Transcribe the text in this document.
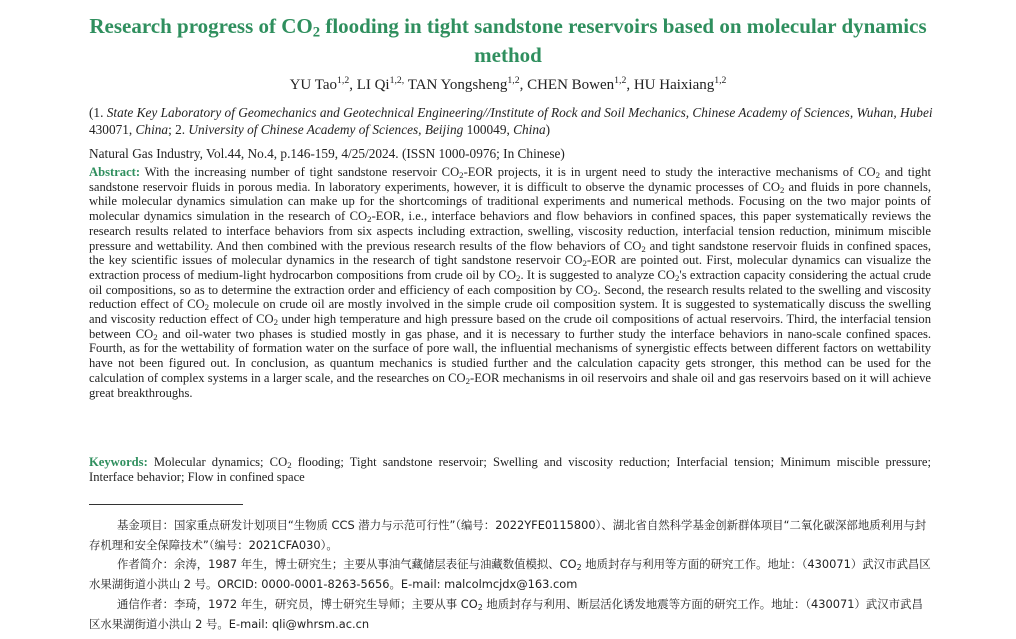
Research progress of $CO_2$ flooding in tight sandstone reservoirs based on molecular dynamics method
YU Tao$^{1,2}$, LI $Qi^{1,2,}$ TAN Yongsheng$^{1,2}$, CHEN Bowen$^{1,2}$, HU Haixiang$^{1,2}$
(1. State Key Laboratory of Geomechanics and Geotechnical Engineering//Institute of Rock and Soil Mechanics, Chinese Academy of Sciences, Wuhan, Hubei 430071, China; 2. University of Chinese Academy of Sciences, Beijing 100049, China)
Natural Gas Industry, Vol.44, No.4, p.146-159, 4/25/2024. (ISSN 1000-0976; In Chinese)
Abstract: With the increasing number of tight sandstone reservoir $CO_2$-EOR projects, it is in urgent need to study the interactive mechanisms of $CO_2$ and tight sandstone reservoir fluids in porous media. In laboratory experiments, however, it is difficult to observe the dynamic processes of $CO_2$ and fluids in pore channels, while molecular dynamics simulation can make up for the shortcomings of traditional experiments and numerical methods. Focusing on the two major points of molecular dynamics simulation in the research of $CO_2$-EOR, i.e., interface behaviors and flow behaviors in confined spaces, this paper systematically reviews the research results related to interface behaviors from six aspects including extraction, swelling, viscosity reduction, interfacial tension reduction, minimum miscible pressure and wettability. And then combined with the previous research results of the flow behaviors of $CO_2$ and tight sandstone reservoir fluids in confined spaces, the key scientific issues of molecular dynamics in the research of tight sandstone reservoir $CO_2$-EOR are pointed out. First, molecular dynamics can visualize the extraction process of medium-light hydrocarbon compositions from crude oil by $CO_2$. It is suggested to analyze $CO_2's$ extraction capacity considering the actual crude oil compositions, so as to determine the extraction order and efficiency of each composition by $CO_2$. Second, the research results related to the swelling and viscosity reduction effect of $CO_2$ molecule on crude oil are mostly involved in the simple crude oil composition system. It is suggested to systematically discuss the swelling and viscosity reduction effect of $CO_2$ under high temperature and high pressure based on the crude oil compositions of actual reservoirs. Third, the interfacial tension between $CO_2$ and oil-water two phases is studied mostly in gas phase, and it is necessary to further study the interface behaviors in nano-scale confined spaces. Fourth, as for the wettability of formation water on the surface of pore wall, the influential mechanisms of synergistic effects between different factors on wettability have not been figured out. In conclusion, as quantum mechanics is studied further and the calculation capacity gets stronger, this method can be used for the calculation of complex systems in a larger scale, and the researches on $CO_2$-EOR mechanisms in oil reservoirs and shale oil and gas reservoirs based on it will achieve great breakthroughs.
Keywords: Molecular dynamics; $CO_2$ flooding; Tight sandstone reservoir; Swelling and viscosity reduction; Interfacial tension; Minimum miscible pressure; Interface behavior; Flow in confined space
基金项目：国家重点研发计划项目“生物质 CCS 潜力与示范可行性”（编号：2022YFE0115800）、湖北省自然科学基金创新群体项目“二氧化碳深部地质利用与封存机理和安全保障技术”（编号：2021CFA030）。
作者简介：余涛，1987 年生，博士研究生；主要从事油气藏储层表征与油藏数值模拟、$CO_2$ 地质封存与利用等方面的研究工作。地址：（430071）武汉市武昌区水果湖街道小洪山 2 号。ORCID: 0000-0001-8263-5656。E-mail: malcolmcjdx@163.com
通信作者：李琦，1972 年生，研究员，博士研究生导师；主要从事 $CO_2$ 地质封存与利用、断层活化诱发地震等方面的研究工作。地址：（430071）武汉市武昌区水果湖街道小洪山 2 号。E-mail: qli@whrsm.ac.cn
